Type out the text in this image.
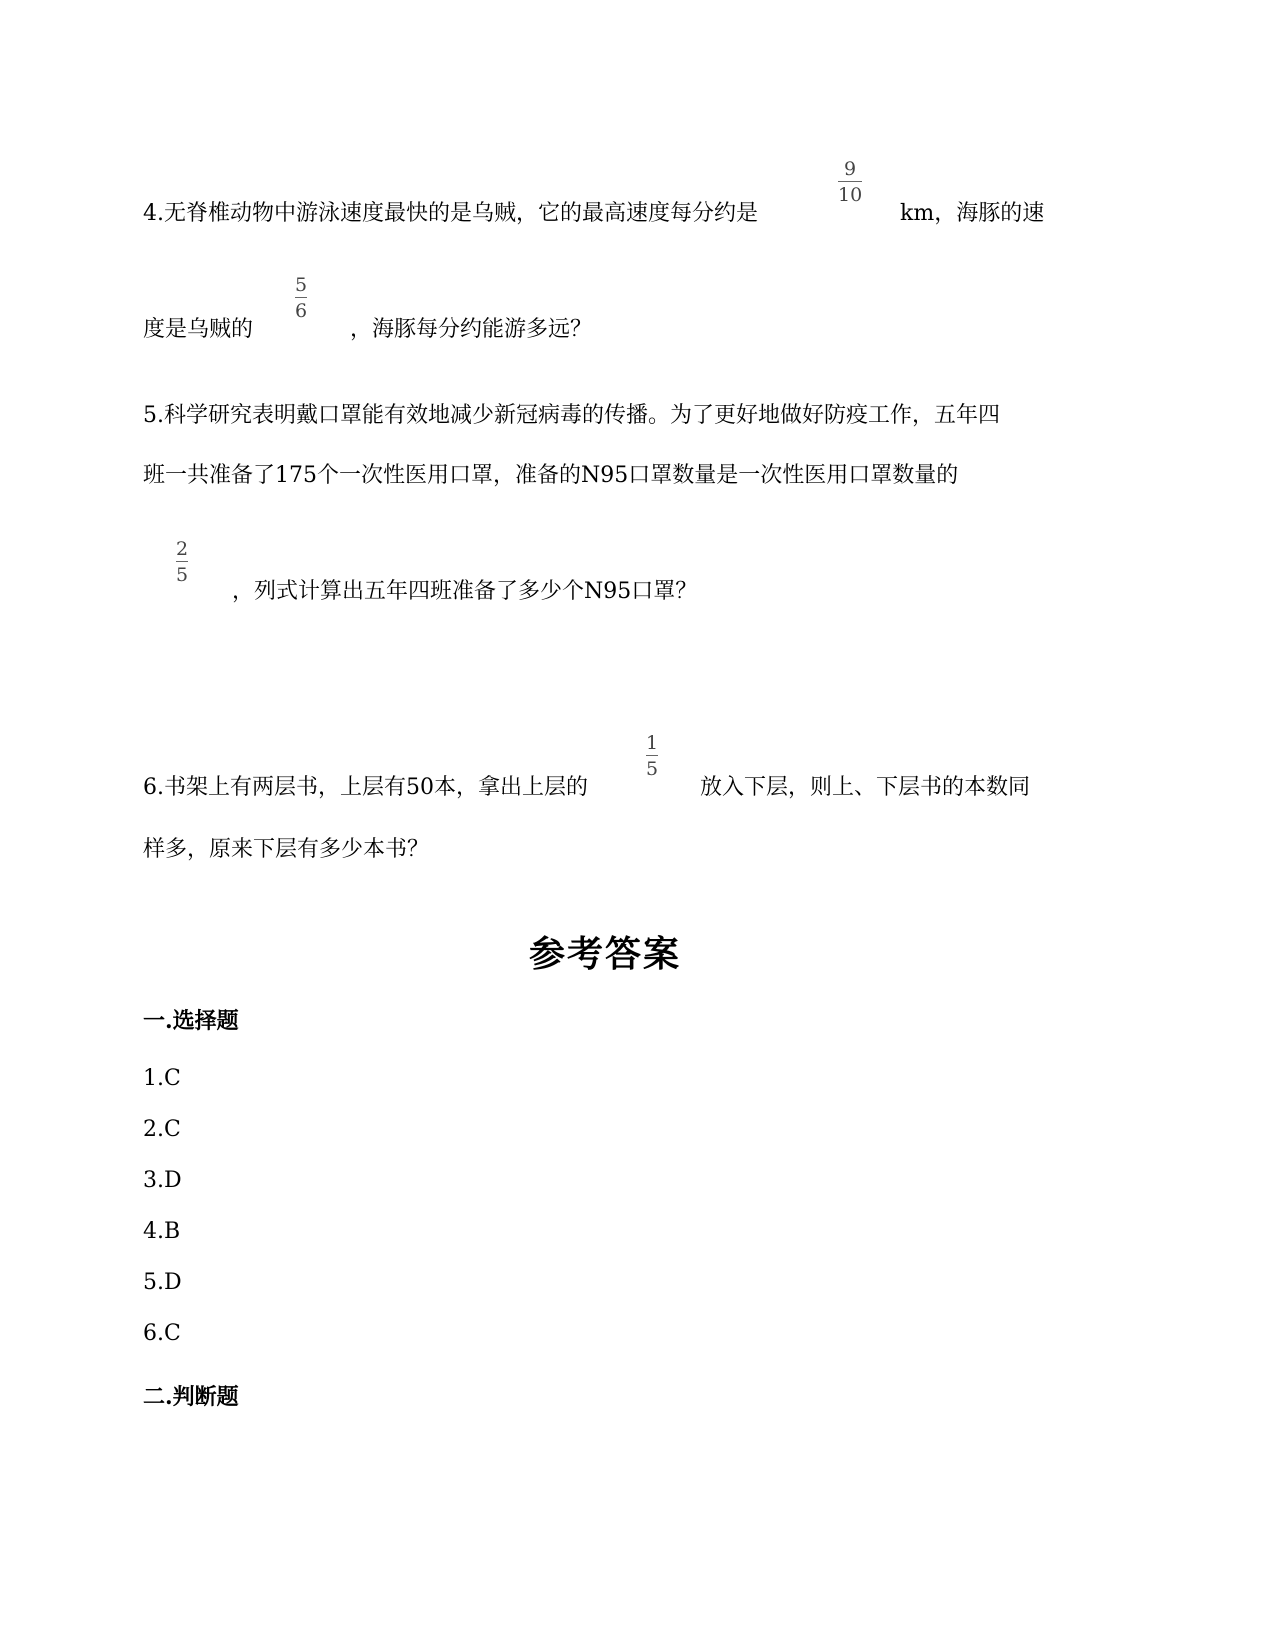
9
10
4.无脊椎动物中游泳速度最快的是乌贼，它的最高速度每分约是	km，海豚的速
5
6
度是乌贼的	，海豚每分约能游多远？
5.科学研究表明戴口罩能有效地减少新冠病毒的传播。为了更好地做好防疫工作，五年四
班一共准备了175个一次性医用口罩，准备的N95口罩数量是一次性医用口罩数量的
2
5
，列式计算出五年四班准备了多少个N95口罩？
1
5
6.书架上有两层书，上层有50本，拿出上层的	放入下层，则上、下层书的本数同
样多，原来下层有多少本书？
参考答案
一.选择题
1.C
2.C
3.D
4.B
5.D
6.C
二.判断题
